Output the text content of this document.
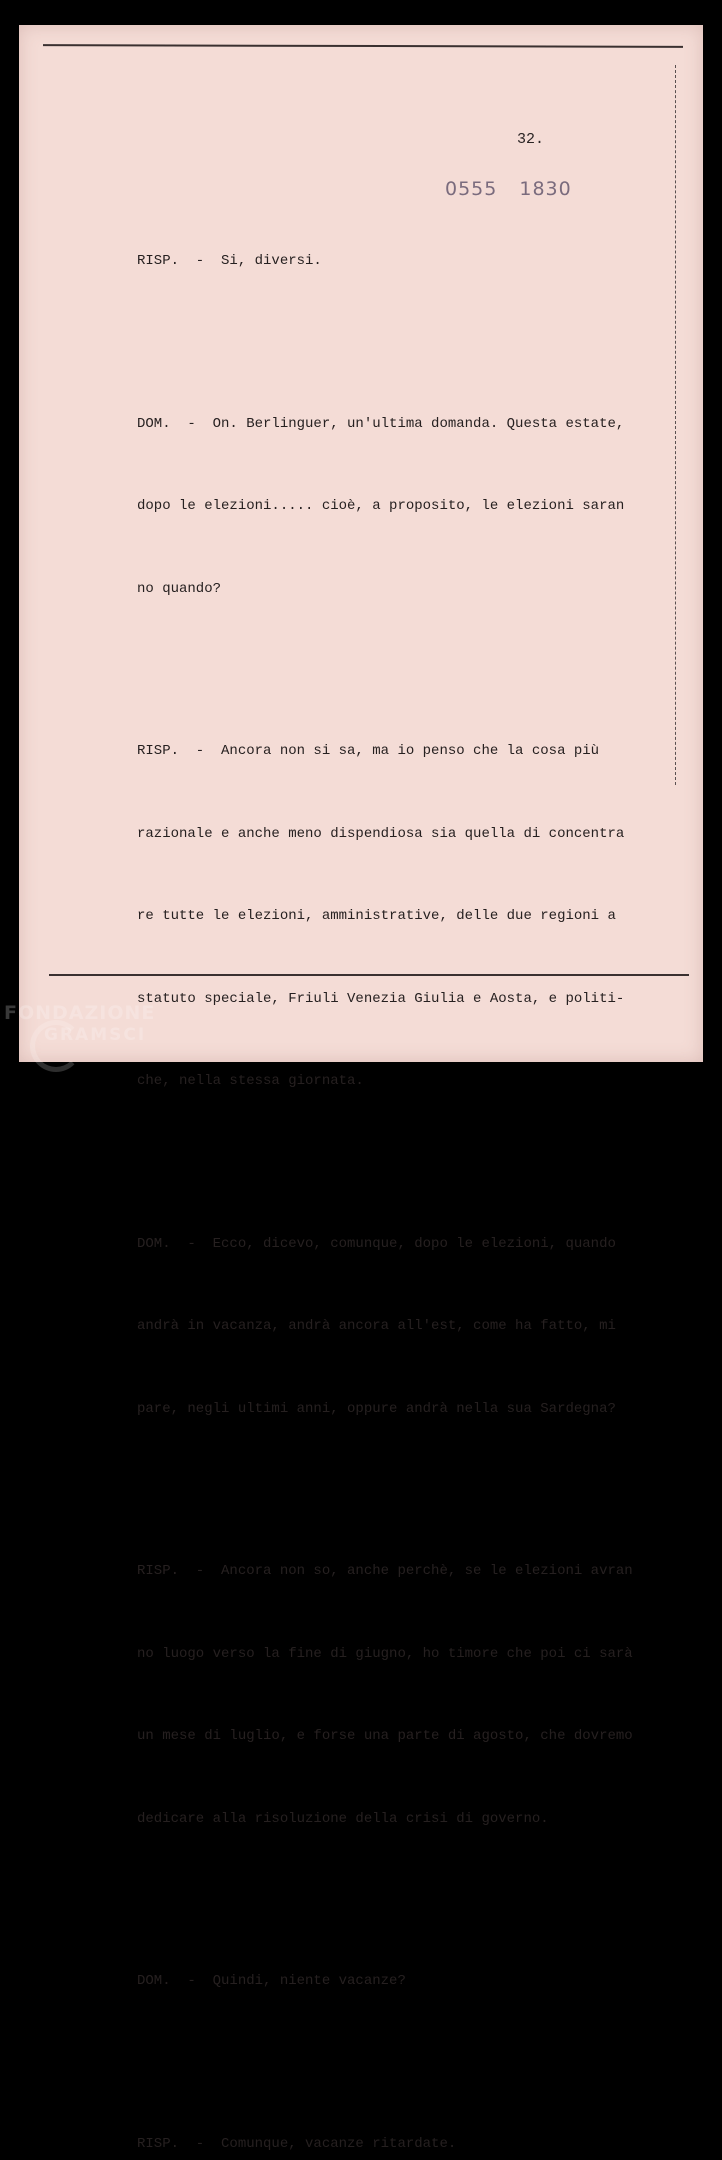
32.
0555 1830

RISP.  -  Si, diversi.

DOM.  -  On. Berlinguer, un'ultima domanda. Questa estate,

dopo le elezioni..... cioè, a proposito, le elezioni saran

no quando?

RISP.  -  Ancora non si sa, ma io penso che la cosa più

razionale e anche meno dispendiosa sia quella di concentra

re tutte le elezioni, amministrative, delle due regioni a

statuto speciale, Friuli Venezia Giulia e Aosta, e politi-

che, nella stessa giornata.

DOM.  -  Ecco, dicevo, comunque, dopo le elezioni, quando

andrà in vacanza, andrà ancora all'est, come ha fatto, mi

pare, negli ultimi anni, oppure andrà nella sua Sardegna?

RISP.  -  Ancora non so, anche perchè, se le elezioni avran

no luogo verso la fine di giugno, ho timore che poi ci sarà

un mese di luglio, e forse una parte di agosto, che dovremo

dedicare alla risoluzione della crisi di governo.

DOM.  -  Quindi, niente vacanze?

RISP.  -  Comunque, vacanze ritardate.

FONDAZIONE
GRAMSCI
